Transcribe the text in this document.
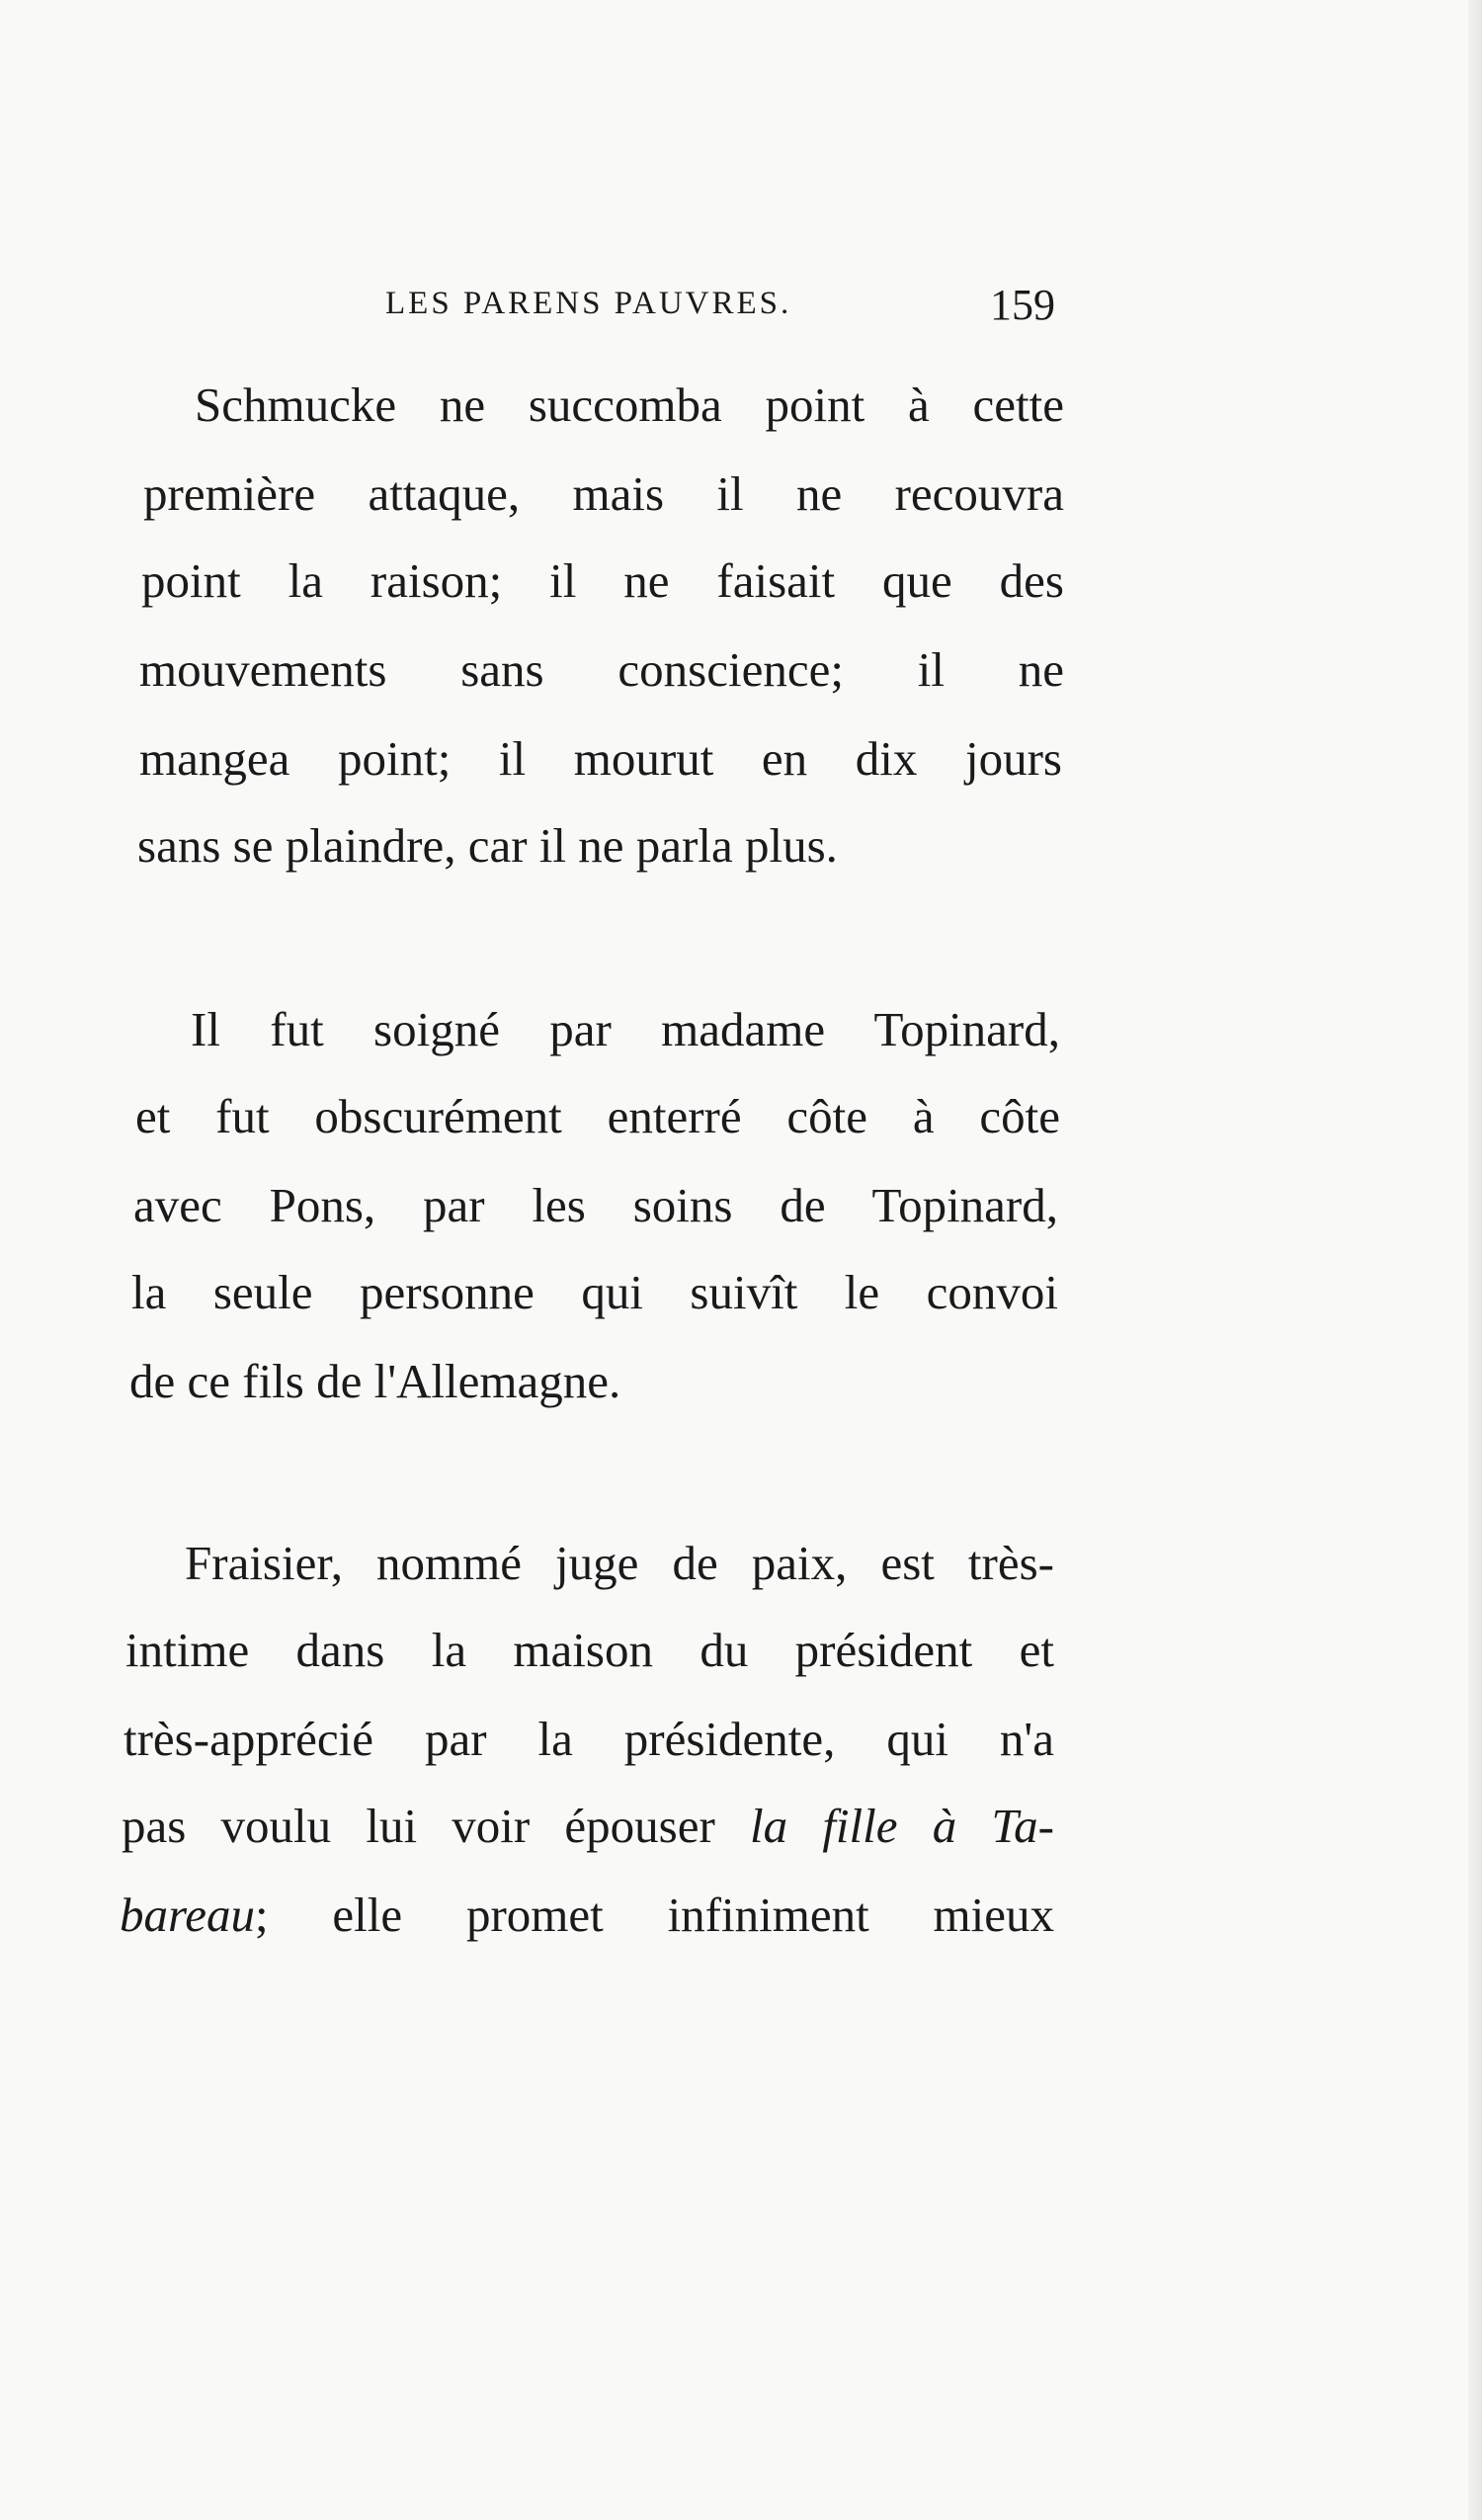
LES PARENS PAUVRES.	159
Schmucke ne succomba point à cette
première attaque, mais il ne recouvra
point la raison; il ne faisait que des
mouvements sans conscience; il ne
mangea point; il mourut en dix jours
sans se plaindre, car il ne parla plus.
Il fut soigné par madame Topinard,
et fut obscurément enterré côte à côte
avec Pons, par les soins de Topinard,
la seule personne qui suivît le convoi
de ce fils de l'Allemagne.
Fraisier, nommé juge de paix, est très-
intime dans la maison du président et
très-apprécié par la présidente, qui n'a
pas voulu lui voir épouser la fille à Ta-
bareau; elle promet infiniment mieux
